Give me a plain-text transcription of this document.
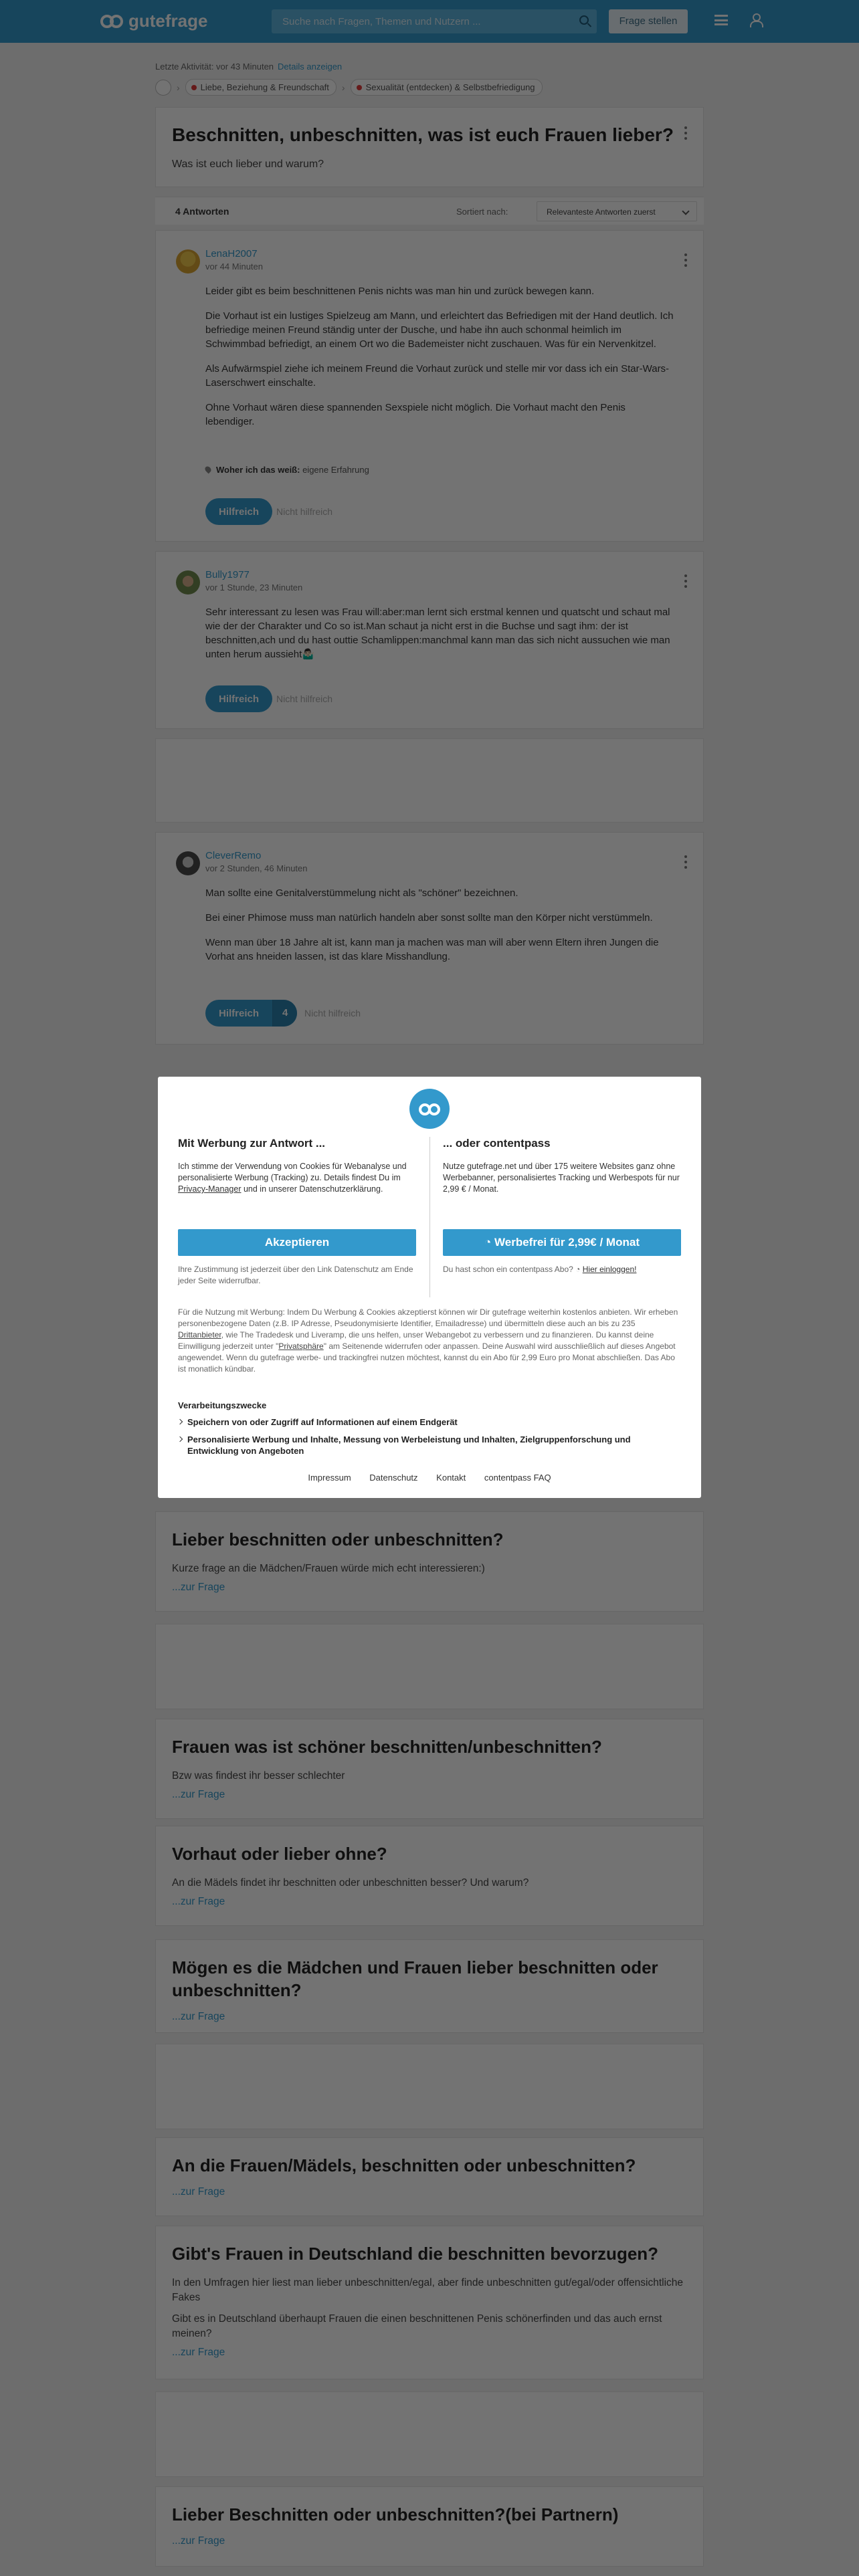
Mit Werbung zur Antwort ...

Ich stimme der Verwendung von Cookies für Webanalyse und personalisierte Werbung (Tracking) zu. Details findest Du im Privacy-Manager und in unserer Datenschutzerklärung.

... oder contentpass

Nutze gutefrage.net und über 175 weitere Websites ganz ohne Werbebanner, personalisiertes Tracking und Werbespots für nur 2,99 € / Monat.

Akzeptieren	◔ Werbefrei für 2,99€ / Monat
Ihre Zustimmung ist jederzeit über den Link Datenschutz am Ende jeder Seite widerrufbar.
Du hast schon ein contentpass Abo? ◔ Hier einloggen!
Für die Nutzung mit Werbung: Indem Du Werbung & Cookies akzeptierst können wir Dir gutefrage weiterhin kostenlos anbieten. Wir erheben personenbezogene Daten (z.B. IP Adresse, Pseudonymisierte Identifier, Emailadresse) und übermitteln diese auch an bis zu 235 Drittanbieter, wie The Tradedesk und Liveramp, die uns helfen, unser Webangebot zu verbessern und zu finanzieren. Du kannst deine Einwilligung jederzeit unter "Privatsphäre" am Seitenende widerrufen oder anpassen. Deine Auswahl wird ausschließlich auf dieses Angebot angewendet. Wenn du gutefrage werbe- und trackingfrei nutzen möchtest, kannst du ein Abo für 2,99 Euro pro Monat abschließen. Das Abo ist monatlich kündbar.
Verarbeitungszwecke
Speichern von oder Zugriff auf Informationen auf einem Endgerät
Personalisierte Werbung und Inhalte, Messung von Werbeleistung und Inhalten, Zielgruppenforschung und Entwicklung von Angeboten
Impressum Datenschutz Kontakt contentpass FAQ
